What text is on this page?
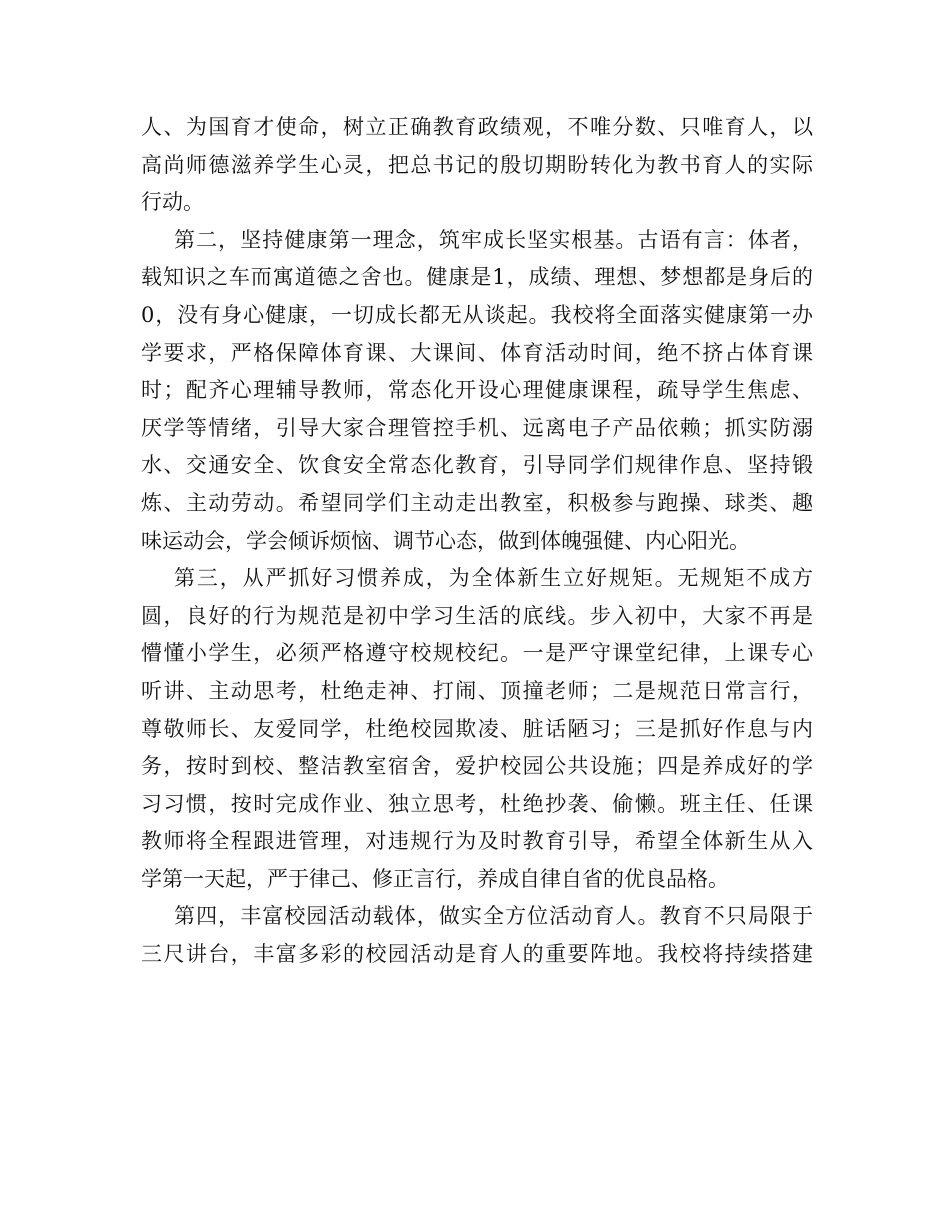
人、为国育才使命，树立正确教育政绩观，不唯分数、只唯育人，以
高尚师德滋养学生心灵，把总书记的殷切期盼转化为教书育人的实际
行动。
第二，坚持健康第一理念，筑牢成长坚实根基。古语有言：体者，
载知识之车而寓道德之舍也。健康是1，成绩、理想、梦想都是身后的
0，没有身心健康，一切成长都无从谈起。我校将全面落实健康第一办
学要求，严格保障体育课、大课间、体育活动时间，绝不挤占体育课
时；配齐心理辅导教师，常态化开设心理健康课程，疏导学生焦虑、
厌学等情绪，引导大家合理管控手机、远离电子产品依赖；抓实防溺
水、交通安全、饮食安全常态化教育，引导同学们规律作息、坚持锻
炼、主动劳动。希望同学们主动走出教室，积极参与跑操、球类、趣
味运动会，学会倾诉烦恼、调节心态，做到体魄强健、内心阳光。
第三，从严抓好习惯养成，为全体新生立好规矩。无规矩不成方
圆，良好的行为规范是初中学习生活的底线。步入初中，大家不再是
懵懂小学生，必须严格遵守校规校纪。一是严守课堂纪律，上课专心
听讲、主动思考，杜绝走神、打闹、顶撞老师；二是规范日常言行，
尊敬师长、友爱同学，杜绝校园欺凌、脏话陋习；三是抓好作息与内
务，按时到校、整洁教室宿舍，爱护校园公共设施；四是养成好的学
习习惯，按时完成作业、独立思考，杜绝抄袭、偷懒。班主任、任课
教师将全程跟进管理，对违规行为及时教育引导，希望全体新生从入
学第一天起，严于律己、修正言行，养成自律自省的优良品格。
第四，丰富校园活动载体，做实全方位活动育人。教育不只局限于
三尺讲台，丰富多彩的校园活动是育人的重要阵地。我校将持续搭建
